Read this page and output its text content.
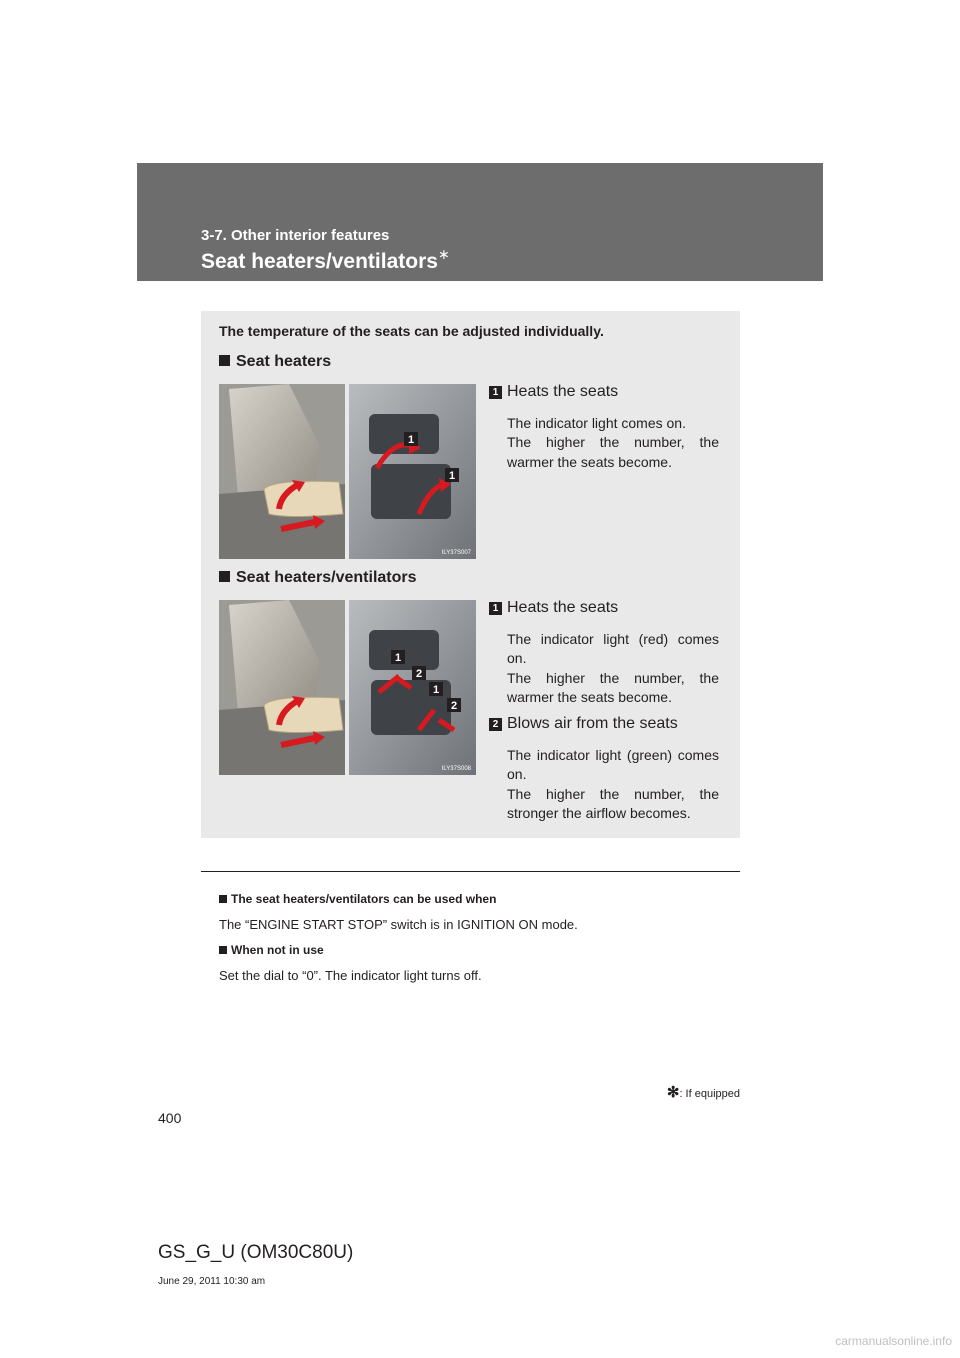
3-7. Other interior features
Seat heaters/ventilators∗
The temperature of the seats can be adjusted individually.
Seat heaters
1
1
ILY37S007
1 Heats the seats

The indicator light comes on.

The higher the number, the warmer the seats become.

Seat heaters/ventilators
1
2
1
2
ILY37S008
1 Heats the seats

The indicator light (red) comes on.

The higher the number, the warmer the seats become.

2 Blows air from the seats

The indicator light (green) comes on.

The higher the number, the stronger the airflow becomes.

The seat heaters/ventilators can be used when
The “ENGINE START STOP” switch is in IGNITION ON mode.
When not in use
Set the dial to “0”. The indicator light turns off.
✻: If equipped
400
GS_G_U (OM30C80U)
June 29, 2011 10:30 am
carmanualsonline.info
